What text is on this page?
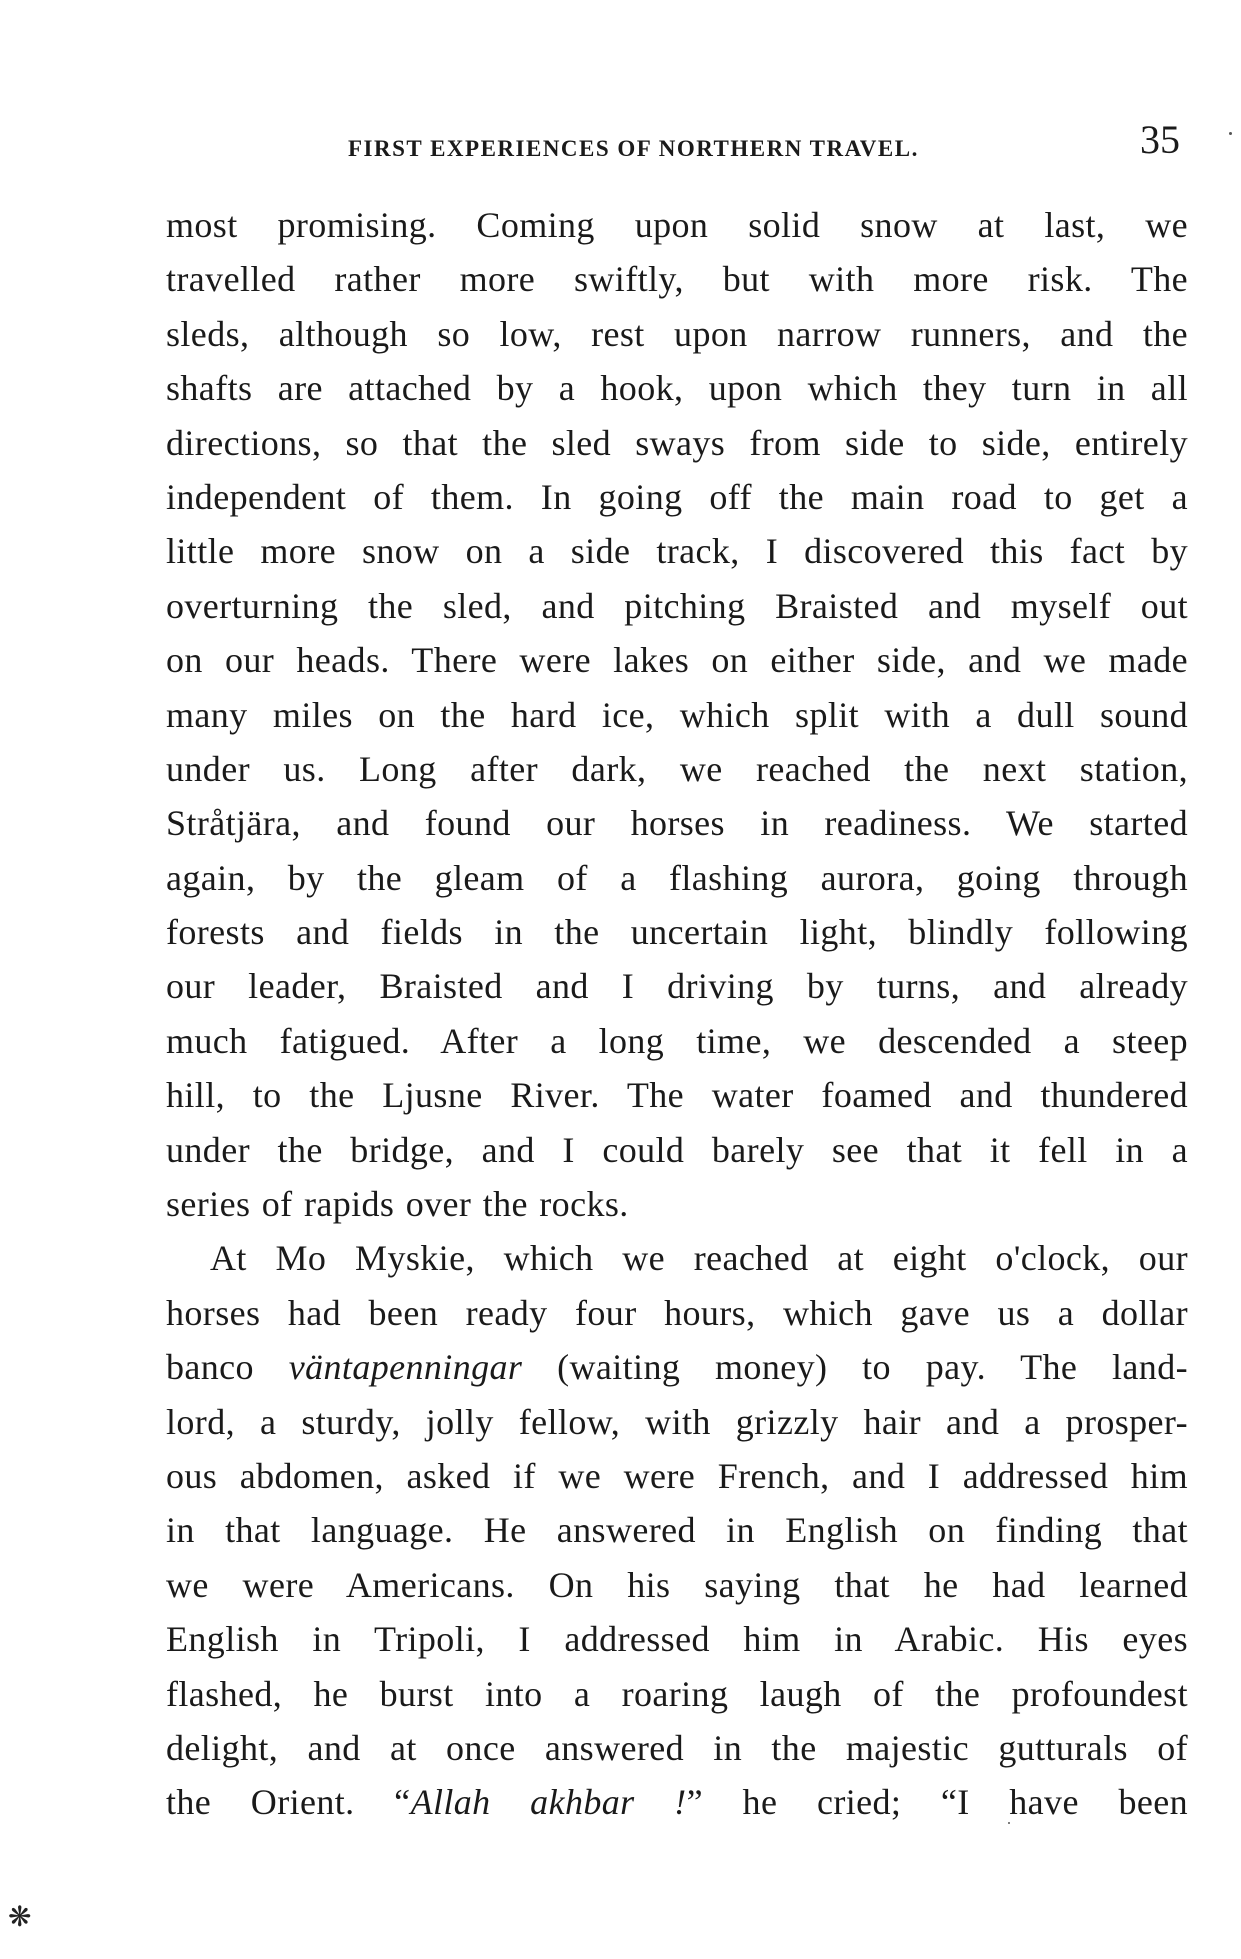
FIRST EXPERIENCES OF NORTHERN TRAVEL.	35
most promising. Coming upon solid snow at last, we
travelled rather more swiftly, but with more risk. The
sleds, although so low, rest upon narrow runners, and the
shafts are attached by a hook, upon which they turn in all
directions, so that the sled sways from side to side, entirely
independent of them. In going off the main road to get a
little more snow on a side track, I discovered this fact by
overturning the sled, and pitching Braisted and myself out
on our heads. There were lakes on either side, and we made
many miles on the hard ice, which split with a dull sound
under us. Long after dark, we reached the next station,
Stråtjära, and found our horses in readiness. We started
again, by the gleam of a flashing aurora, going through
forests and fields in the uncertain light, blindly following
our leader, Braisted and I driving by turns, and already
much fatigued. After a long time, we descended a steep
hill, to the Ljusne River. The water foamed and thundered
under the bridge, and I could barely see that it fell in a
series of rapids over the rocks.
At Mo Myskie, which we reached at eight o'clock, our
horses had been ready four hours, which gave us a dollar
banco väntapenningar (waiting money) to pay. The land-
lord, a sturdy, jolly fellow, with grizzly hair and a prosper-
ous abdomen, asked if we were French, and I addressed him
in that language. He answered in English on finding that
we were Americans. On his saying that he had learned
English in Tripoli, I addressed him in Arabic. His eyes
flashed, he burst into a roaring laugh of the profoundest
delight, and at once answered in the majestic gutturals of
the Orient. “Allah akhbar !” he cried; “I have been
❋
